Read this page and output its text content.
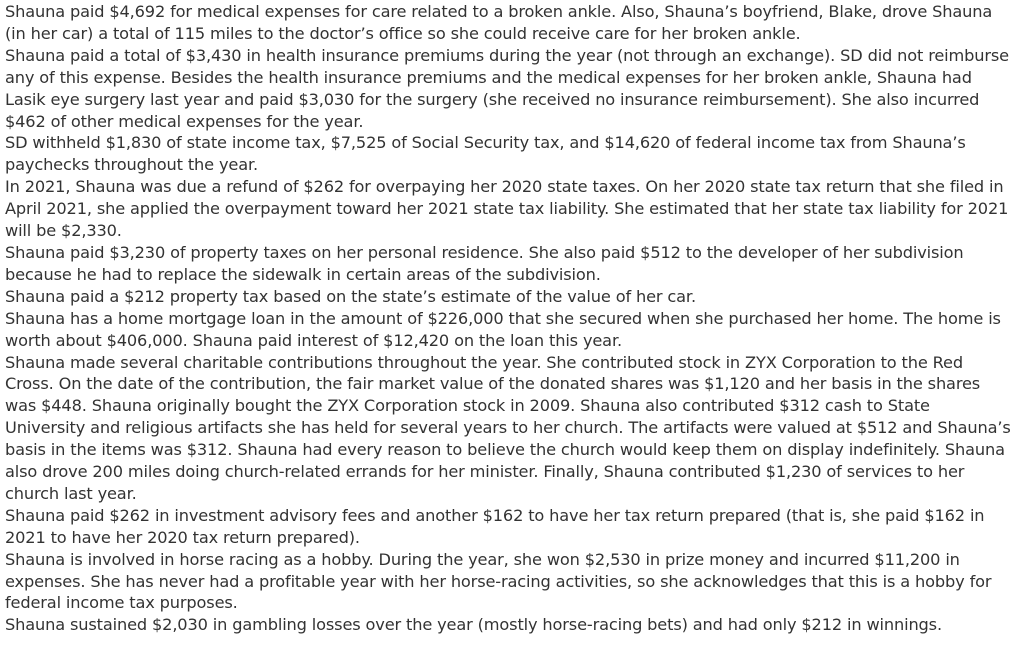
Shauna paid $4,692 for medical expenses for care related to a broken ankle. Also, Shauna’s boyfriend, Blake, drove Shauna (in her car) a total of 115 miles to the doctor’s office so she could receive care for her broken ankle.

Shauna paid a total of $3,430 in health insurance premiums during the year (not through an exchange). SD did not reimburse any of this expense. Besides the health insurance premiums and the medical expenses for her broken ankle, Shauna had Lasik eye surgery last year and paid $3,030 for the surgery (she received no insurance reimbursement). She also incurred $462 of other medical expenses for the year.

SD withheld $1,830 of state income tax, $7,525 of Social Security tax, and $14,620 of federal income tax from Shauna’s paychecks throughout the year.

In 2021, Shauna was due a refund of $262 for overpaying her 2020 state taxes. On her 2020 state tax return that she filed in April 2021, she applied the overpayment toward her 2021 state tax liability. She estimated that her state tax liability for 2021 will be $2,330.

Shauna paid $3,230 of property taxes on her personal residence. She also paid $512 to the developer of her subdivision because he had to replace the sidewalk in certain areas of the subdivision.

Shauna paid a $212 property tax based on the state’s estimate of the value of her car.

Shauna has a home mortgage loan in the amount of $226,000 that she secured when she purchased her home. The home is worth about $406,000. Shauna paid interest of $12,420 on the loan this year.

Shauna made several charitable contributions throughout the year. She contributed stock in ZYX Corporation to the Red Cross. On the date of the contribution, the fair market value of the donated shares was $1,120 and her basis in the shares was $448. Shauna originally bought the ZYX Corporation stock in 2009. Shauna also contributed $312 cash to State University and religious artifacts she has held for several years to her church. The artifacts were valued at $512 and Shauna’s basis in the items was $312. Shauna had every reason to believe the church would keep them on display indefinitely. Shauna also drove 200 miles doing church-related errands for her minister. Finally, Shauna contributed $1,230 of services to her church last year.

Shauna paid $262 in investment advisory fees and another $162 to have her tax return prepared (that is, she paid $162 in 2021 to have her 2020 tax return prepared).

Shauna is involved in horse racing as a hobby. During the year, she won $2,530 in prize money and incurred $11,200 in expenses. She has never had a profitable year with her horse-racing activities, so she acknowledges that this is a hobby for federal income tax purposes.

Shauna sustained $2,030 in gambling losses over the year (mostly horse-racing bets) and had only $212 in winnings.
